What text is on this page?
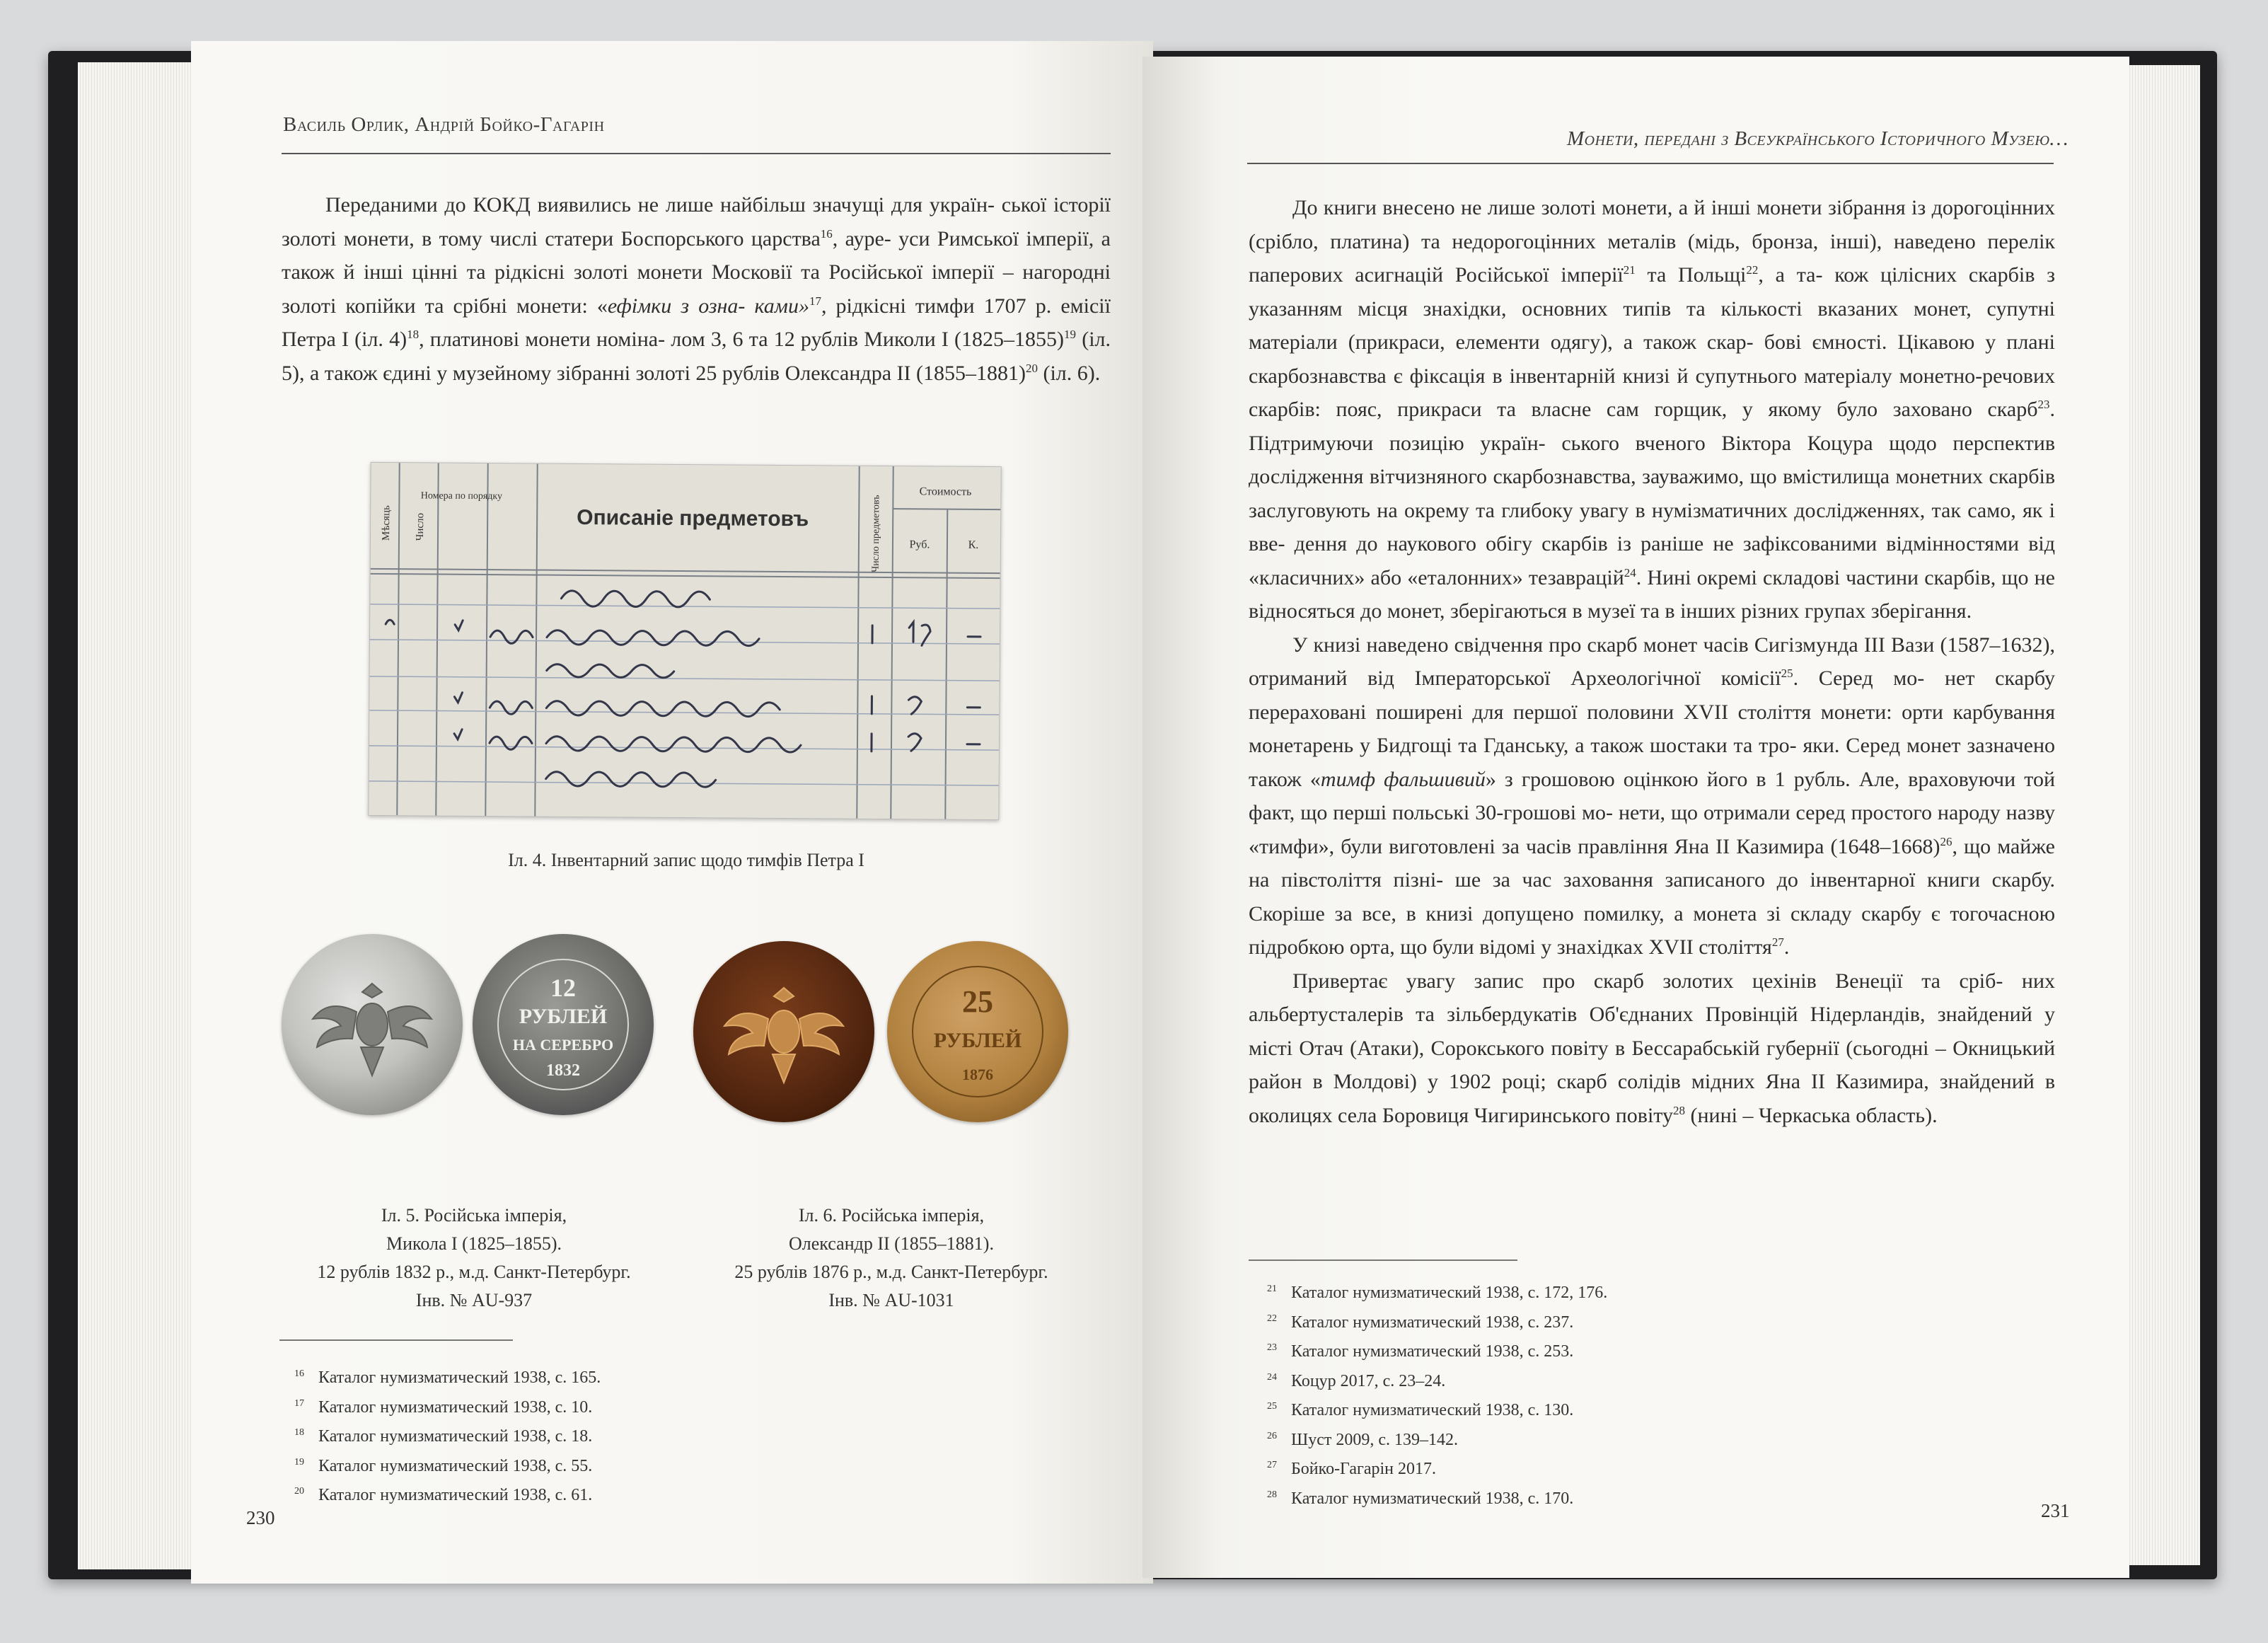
Василь Орлик, Андрій Бойко-Гагарін

Переданими до КОКД виявились не лише найбільш значущі для україн- ської історії золоті монети, в тому числі статери Боспорського царства$^{16}$, ауре- уси Римської імперії, а також й інші цінні та рідкісні золоті монети Московії та Російської імперії – нагородні золоті копійки та срібні монети: «ефімки з озна- ками»$^{17}$, рідкісні тимфи 1707 р. емісії Петра І (іл. 4)$^{18}$, платинові монети номіна- лом 3, 6 та 12 рублів Миколи І (1825–1855)$^{19}$ (іл. 5), а також єдині у музейному зібранні золоті 25 рублів Олександра ІІ (1855–1881)$^{20}$ (іл. 6).

Мѣсяць Число
Номера по порядку
Описаніе предметовъ	Число предметовъ
Стоимость
Руб.	К.
Іл. 4. Інвентарний запис щодо тимфів Петра І
12
РУБЛЕЙ
НА СЕРЕБРО
1832
Іл. 5. Російська імперія,
Микола І (1825–1855).
12 рублів 1832 р., м.д. Санкт-Петербург.
Інв. № AU-937
25
РУБЛЕЙ
1876
Іл. 6. Російська імперія,
Олександр ІІ (1855–1881).
25 рублів 1876 р., м.д. Санкт-Петербург.
Інв. № AU-1031
16 Каталог нумизматический 1938, с. 165.
17 Каталог нумизматический 1938, с. 10.
18 Каталог нумизматический 1938, с. 18.
19 Каталог нумизматический 1938, с. 55.
20 Каталог нумизматический 1938, с. 61.
230
Монети, передані з Всеукраїнського Історичного Музею…

До книги внесено не лише золоті монети, а й інші монети зібрання із дорогоцінних (срібло, платина) та недорогоцінних металів (мідь, бронза, інші), наведено перелік паперових асигнацій Російської імперії$^{21}$ та Польщі$^{22}$, а та- кож цілісних скарбів з указанням місця знахідки, основних типів та кількості вказаних монет, супутні матеріали (прикраси, елементи одягу), а також скар- бові ємності. Цікавою у плані скарбознавства є фіксація в інвентарній книзі й супутнього матеріалу монетно-речових скарбів: пояс, прикраси та власне сам горщик, у якому було заховано скарб$^{23}$. Підтримуючи позицію україн- ського вченого Віктора Коцура щодо перспектив дослідження вітчизняного скарбознавства, зауважимо, що вмістилища монетних скарбів заслуговують на окрему та глибоку увагу в нумізматичних дослідженнях, так само, як і вве- дення до наукового обігу скарбів із раніше не зафіксованими відмінностями від «класичних» або «еталонних» тезаврацій$^{24}$. Нині окремі складові частини скарбів, що не відносяться до монет, зберігаються в музеї та в інших різних групах зберігання.

У книзі наведено свідчення про скарб монет часів Сигізмунда ІІІ Вази (1587–1632), отриманий від Імператорської Археологічної комісії$^{25}$. Серед мо- нет скарбу перераховані поширені для першої половини XVII століття монети: орти карбування монетарень у Бидгощі та Гданську, а також шостаки та тро- яки. Серед монет зазначено також «тимф фальшивий» з грошовою оцінкою його в 1 рубль. Але, враховуючи той факт, що перші польські 30-грошові мо- нети, що отримали серед простого народу назву «тимфи», були виготовлені за часів правління Яна ІІ Казимира (1648–1668)$^{26}$, що майже на півстоліття пізні- ше за час заховання записаного до інвентарної книги скарбу. Скоріше за все, в книзі допущено помилку, а монета зі складу скарбу є тогочасною підробкою орта, що були відомі у знахідках XVII століття$^{27}$.

Привертає увагу запис про скарб золотих цехінів Венеції та сріб- них альбертусталерів та зільбердукатів Об'єднаних Провінцій Нідерландів, знайдений у місті Отач (Атаки), Сорокського повіту в Бессарабській губернії (сьогодні – Окницький район в Молдові) у 1902 році; скарб солідів мідних Яна ІІ Казимира, знайдений в околицях села Боровиця Чигиринського повіту$^{28}$ (нині – Черкаська область).

21 Каталог нумизматический 1938, с. 172, 176.
22 Каталог нумизматический 1938, с. 237.
23 Каталог нумизматический 1938, с. 253.
24 Коцур 2017, с. 23–24.
25 Каталог нумизматический 1938, с. 130.
26 Шуст 2009, с. 139–142.
27 Бойко-Гагарін 2017.
28 Каталог нумизматический 1938, с. 170.
231
